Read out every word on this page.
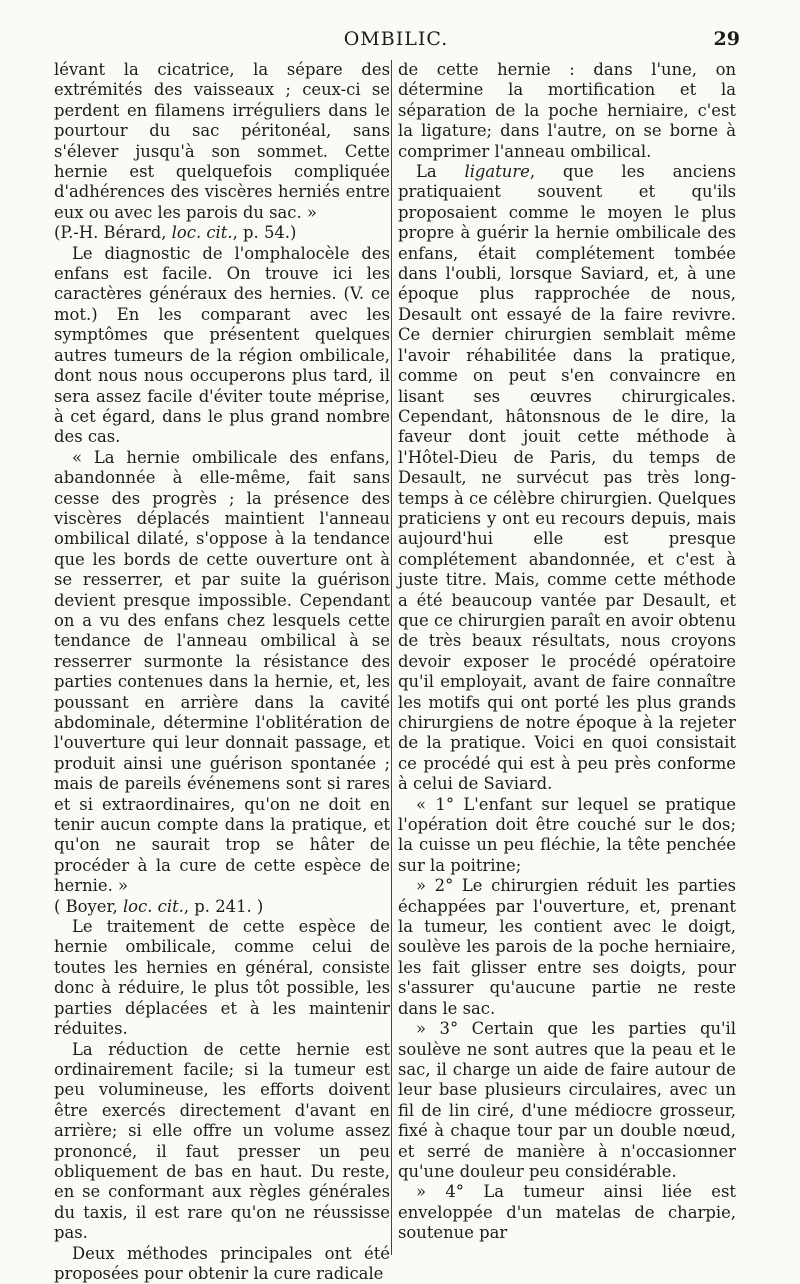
OMBILIC.	29

lévant la cicatrice, la sépare des extrémités des vaisseaux ; ceux-ci se perdent en filamens irréguliers dans le pourtour du sac péritonéal, sans s'élever jusqu'à son sommet. Cette hernie est quelquefois compliquée d'adhérences des viscères herniés entre eux ou avec les parois du sac. »

(P.-H. Bérard, loc. cit., p. 54.)

Le diagnostic de l'omphalocèle des enfans est facile. On trouve ici les caractères généraux des hernies. (V. ce mot.) En les comparant avec les symptômes que présentent quelques autres tumeurs de la région ombilicale, dont nous nous occuperons plus tard, il sera assez facile d'éviter toute méprise, à cet égard, dans le plus grand nombre des cas.

« La hernie ombilicale des enfans, abandonnée à elle-même, fait sans cesse des progrès ; la présence des viscères déplacés maintient l'anneau ombilical dilaté, s'oppose à la tendance que les bords de cette ouverture ont à se resserrer, et par suite la guérison devient presque impossible. Cependant on a vu des enfans chez lesquels cette tendance de l'anneau ombilical à se resserrer surmonte la résistance des parties contenues dans la hernie, et, les poussant en arrière dans la cavité abdominale, détermine l'oblitération de l'ouverture qui leur donnait passage, et produit ainsi une guérison spontanée ; mais de pareils événemens sont si rares et si extraordinaires, qu'on ne doit en tenir aucun compte dans la pratique, et qu'on ne saurait trop se hâter de procéder à la cure de cette espèce de hernie. »

( Boyer, loc. cit., p. 241. )

Le traitement de cette espèce de hernie ombilicale, comme celui de toutes les hernies en général, consiste donc à réduire, le plus tôt possible, les parties déplacées et à les maintenir réduites.

La réduction de cette hernie est ordinairement facile; si la tumeur est peu volumineuse, les efforts doivent être exercés directement d'avant en arrière; si elle offre un volume assez prononcé, il faut presser un peu obliquement de bas en haut. Du reste, en se conformant aux règles générales du taxis, il est rare qu'on ne réussisse pas.

Deux méthodes principales ont été proposées pour obtenir la cure radicale

de cette hernie : dans l'une, on détermine la mortification et la séparation de la poche herniaire, c'est la ligature; dans l'autre, on se borne à comprimer l'anneau ombilical.

La ligature, que les anciens pratiquaient souvent et qu'ils proposaient comme le moyen le plus propre à guérir la hernie ombilicale des enfans, était complétement tombée dans l'oubli, lorsque Saviard, et, à une époque plus rapprochée de nous, Desault ont essayé de la faire revivre. Ce dernier chirurgien semblait même l'avoir réhabilitée dans la pratique, comme on peut s'en convaincre en lisant ses œuvres chirurgicales. Cependant, hâtonsnous de le dire, la faveur dont jouit cette méthode à l'Hôtel-Dieu de Paris, du temps de Desault, ne survécut pas très long-temps à ce célèbre chirurgien. Quelques praticiens y ont eu recours depuis, mais aujourd'hui elle est presque complétement abandonnée, et c'est à juste titre. Mais, comme cette méthode a été beaucoup vantée par Desault, et que ce chirurgien paraît en avoir obtenu de très beaux résultats, nous croyons devoir exposer le procédé opératoire qu'il employait, avant de faire connaître les motifs qui ont porté les plus grands chirurgiens de notre époque à la rejeter de la pratique. Voici en quoi consistait ce procédé qui est à peu près conforme à celui de Saviard.

« 1° L'enfant sur lequel se pratique l'opération doit être couché sur le dos; la cuisse un peu fléchie, la tête penchée sur la poitrine;

» 2° Le chirurgien réduit les parties échappées par l'ouverture, et, prenant la tumeur, les contient avec le doigt, soulève les parois de la poche herniaire, les fait glisser entre ses doigts, pour s'assurer qu'aucune partie ne reste dans le sac.

» 3° Certain que les parties qu'il soulève ne sont autres que la peau et le sac, il charge un aide de faire autour de leur base plusieurs circulaires, avec un fil de lin ciré, d'une médiocre grosseur, fixé à chaque tour par un double nœud, et serré de manière à n'occasionner qu'une douleur peu considérable.

» 4° La tumeur ainsi liée est enveloppée d'un matelas de charpie, soutenue par
